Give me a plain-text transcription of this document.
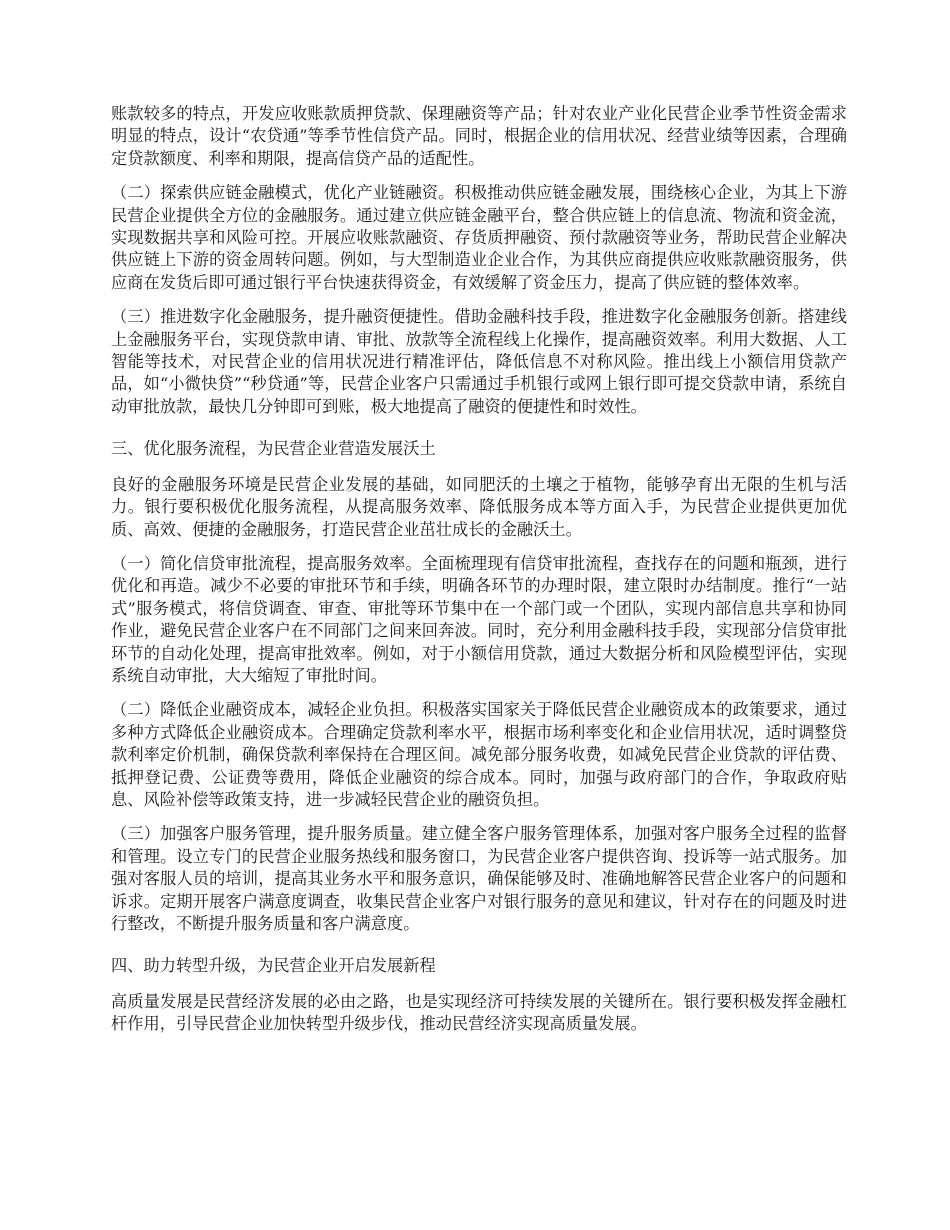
账款较多的特点，开发应收账款质押贷款、保理融资等产品；针对农业产业化民营企业季节性资金需求明显的特点，设计“农贷通”等季节性信贷产品。同时，根据企业的信用状况、经营业绩等因素，合理确定贷款额度、利率和期限，提高信贷产品的适配性。

（二）探索供应链金融模式，优化产业链融资。积极推动供应链金融发展，围绕核心企业，为其上下游民营企业提供全方位的金融服务。通过建立供应链金融平台，整合供应链上的信息流、物流和资金流，实现数据共享和风险可控。开展应收账款融资、存货质押融资、预付款融资等业务，帮助民营企业解决供应链上下游的资金周转问题。例如，与大型制造业企业合作，为其供应商提供应收账款融资服务，供应商在发货后即可通过银行平台快速获得资金，有效缓解了资金压力，提高了供应链的整体效率。

（三）推进数字化金融服务，提升融资便捷性。借助金融科技手段，推进数字化金融服务创新。搭建线上金融服务平台，实现贷款申请、审批、放款等全流程线上化操作，提高融资效率。利用大数据、人工智能等技术，对民营企业的信用状况进行精准评估，降低信息不对称风险。推出线上小额信用贷款产品，如“小微快贷”“秒贷通”等，民营企业客户只需通过手机银行或网上银行即可提交贷款申请，系统自动审批放款，最快几分钟即可到账，极大地提高了融资的便捷性和时效性。

三、优化服务流程，为民营企业营造发展沃土

良好的金融服务环境是民营企业发展的基础，如同肥沃的土壤之于植物，能够孕育出无限的生机与活力。银行要积极优化服务流程，从提高服务效率、降低服务成本等方面入手，为民营企业提供更加优质、高效、便捷的金融服务，打造民营企业茁壮成长的金融沃土。

（一）简化信贷审批流程，提高服务效率。全面梳理现有信贷审批流程，查找存在的问题和瓶颈，进行优化和再造。减少不必要的审批环节和手续，明确各环节的办理时限，建立限时办结制度。推行“一站式”服务模式，将信贷调查、审查、审批等环节集中在一个部门或一个团队，实现内部信息共享和协同作业，避免民营企业客户在不同部门之间来回奔波。同时，充分利用金融科技手段，实现部分信贷审批环节的自动化处理，提高审批效率。例如，对于小额信用贷款，通过大数据分析和风险模型评估，实现系统自动审批，大大缩短了审批时间。

（二）降低企业融资成本，减轻企业负担。积极落实国家关于降低民营企业融资成本的政策要求，通过多种方式降低企业融资成本。合理确定贷款利率水平，根据市场利率变化和企业信用状况，适时调整贷款利率定价机制，确保贷款利率保持在合理区间。减免部分服务收费，如减免民营企业贷款的评估费、抵押登记费、公证费等费用，降低企业融资的综合成本。同时，加强与政府部门的合作，争取政府贴息、风险补偿等政策支持，进一步减轻民营企业的融资负担。

（三）加强客户服务管理，提升服务质量。建立健全客户服务管理体系，加强对客户服务全过程的监督和管理。设立专门的民营企业服务热线和服务窗口，为民营企业客户提供咨询、投诉等一站式服务。加强对客服人员的培训，提高其业务水平和服务意识，确保能够及时、准确地解答民营企业客户的问题和诉求。定期开展客户满意度调查，收集民营企业客户对银行服务的意见和建议，针对存在的问题及时进行整改，不断提升服务质量和客户满意度。

四、助力转型升级，为民营企业开启发展新程

高质量发展是民营经济发展的必由之路，也是实现经济可持续发展的关键所在。银行要积极发挥金融杠杆作用，引导民营企业加快转型升级步伐，推动民营经济实现高质量发展。
